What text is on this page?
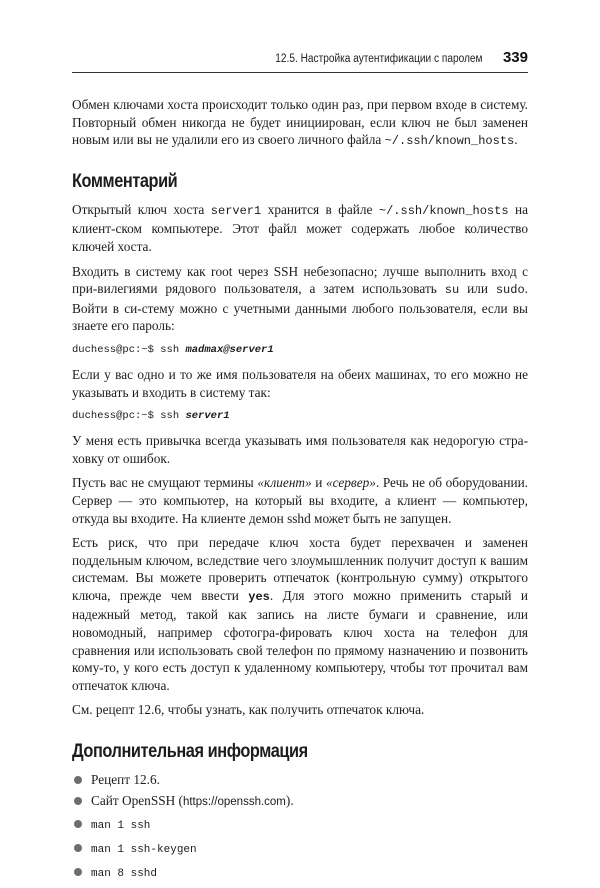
12.5. Настройка аутентификации с паролем 339

Обмен ключами хоста происходит только один раз, при первом входе в систему. Повторный обмен никогда не будет инициирован, если ключ не был заменен новым или вы не удалили его из своего личного файла ~/.ssh/known_hosts.

Комментарий

Открытый ключ хоста server1 хранится в файле ~/.ssh/known_hosts на клиент-ском компьютере. Этот файл может содержать любое количество ключей хоста.

Входить в систему как root через SSH небезопасно; лучше выполнить вход с при-вилегиями рядового пользователя, а затем использовать su или sudo. Войти в си-стему можно с учетными данными любого пользователя, если вы знаете его пароль:

duchess@pc:~$ ssh madmax@server1

Если у вас одно и то же имя пользователя на обеих машинах, то его можно не указывать и входить в систему так:

duchess@pc:~$ ssh server1

У меня есть привычка всегда указывать имя пользователя как недорогую стра-ховку от ошибок.

Пусть вас не смущают термины «клиент» и «сервер». Речь не об оборудовании. Сервер — это компьютер, на который вы входите, а клиент — компьютер, откуда вы входите. На клиенте демон sshd может быть не запущен.

Есть риск, что при передаче ключ хоста будет перехвачен и заменен поддельным ключом, вследствие чего злоумышленник получит доступ к вашим системам. Вы можете проверить отпечаток (контрольную сумму) открытого ключа, прежде чем ввести yes. Для этого можно применить старый и надежный метод, такой как запись на листе бумаги и сравнение, или новомодный, например сфотогра-фировать ключ хоста на телефон для сравнения или использовать свой телефон по прямому назначению и позвонить кому-то, у кого есть доступ к удаленному компьютеру, чтобы тот прочитал вам отпечаток ключа.

См. рецепт 12.6, чтобы узнать, как получить отпечаток ключа.

Дополнительная информация
Рецепт 12.6.
Сайт OpenSSH (https://openssh.com).
man 1 ssh
man 1 ssh-keygen
man 8 sshd
